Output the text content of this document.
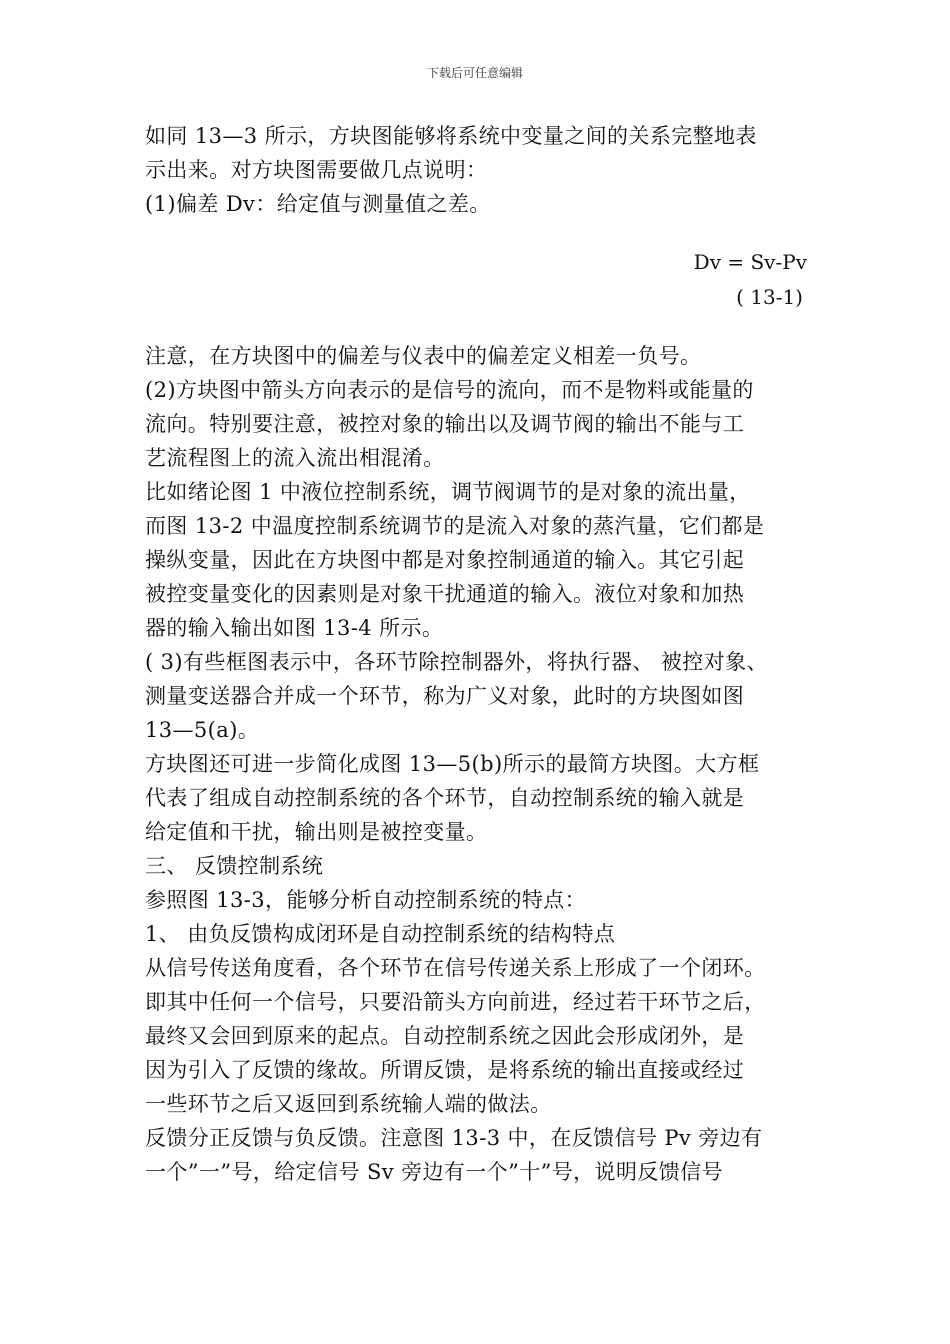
下载后可任意编辑
如同 13—3 所示，方块图能够将系统中变量之间的关系完整地表
示出来。对方块图需要做几点说明：
(1)偏差 Dv：给定值与测量值之差。
Dv = Sv-Pv
( 13-1)
注意，在方块图中的偏差与仪表中的偏差定义相差一负号。
(2)方块图中箭头方向表示的是信号的流向，而不是物料或能量的
流向。特别要注意，被控对象的输出以及调节阀的输出不能与工
艺流程图上的流入流出相混淆。
比如绪论图 1 中液位控制系统，调节阀调节的是对象的流出量，
而图 13-2 中温度控制系统调节的是流入对象的蒸汽量，它们都是
操纵变量，因此在方块图中都是对象控制通道的输入。其它引起
被控变量变化的因素则是对象干扰通道的输入。液位对象和加热
器的输入输出如图 13-4 所示。
( 3)有些框图表示中，各环节除控制器外，将执行器、 被控对象、
测量变送器合并成一个环节，称为广义对象，此时的方块图如图
13—5(a)。
方块图还可进一步简化成图 13—5(b)所示的最简方块图。大方框
代表了组成自动控制系统的各个环节，自动控制系统的输入就是
给定值和干扰，输出则是被控变量。
三、 反馈控制系统
参照图 13-3，能够分析自动控制系统的特点：
1、 由负反馈构成闭环是自动控制系统的结构特点
从信号传送角度看，各个环节在信号传递关系上形成了一个闭环。
即其中任何一个信号，只要沿箭头方向前进，经过若干环节之后，
最终又会回到原来的起点。自动控制系统之因此会形成闭外，是
因为引入了反馈的缘故。所谓反馈，是将系统的输出直接或经过
一些环节之后又返回到系统输人端的做法。
反馈分正反馈与负反馈。注意图 13-3 中，在反馈信号 Pv 旁边有
一个”一”号，给定信号 Sv 旁边有一个”十”号，说明反馈信号
